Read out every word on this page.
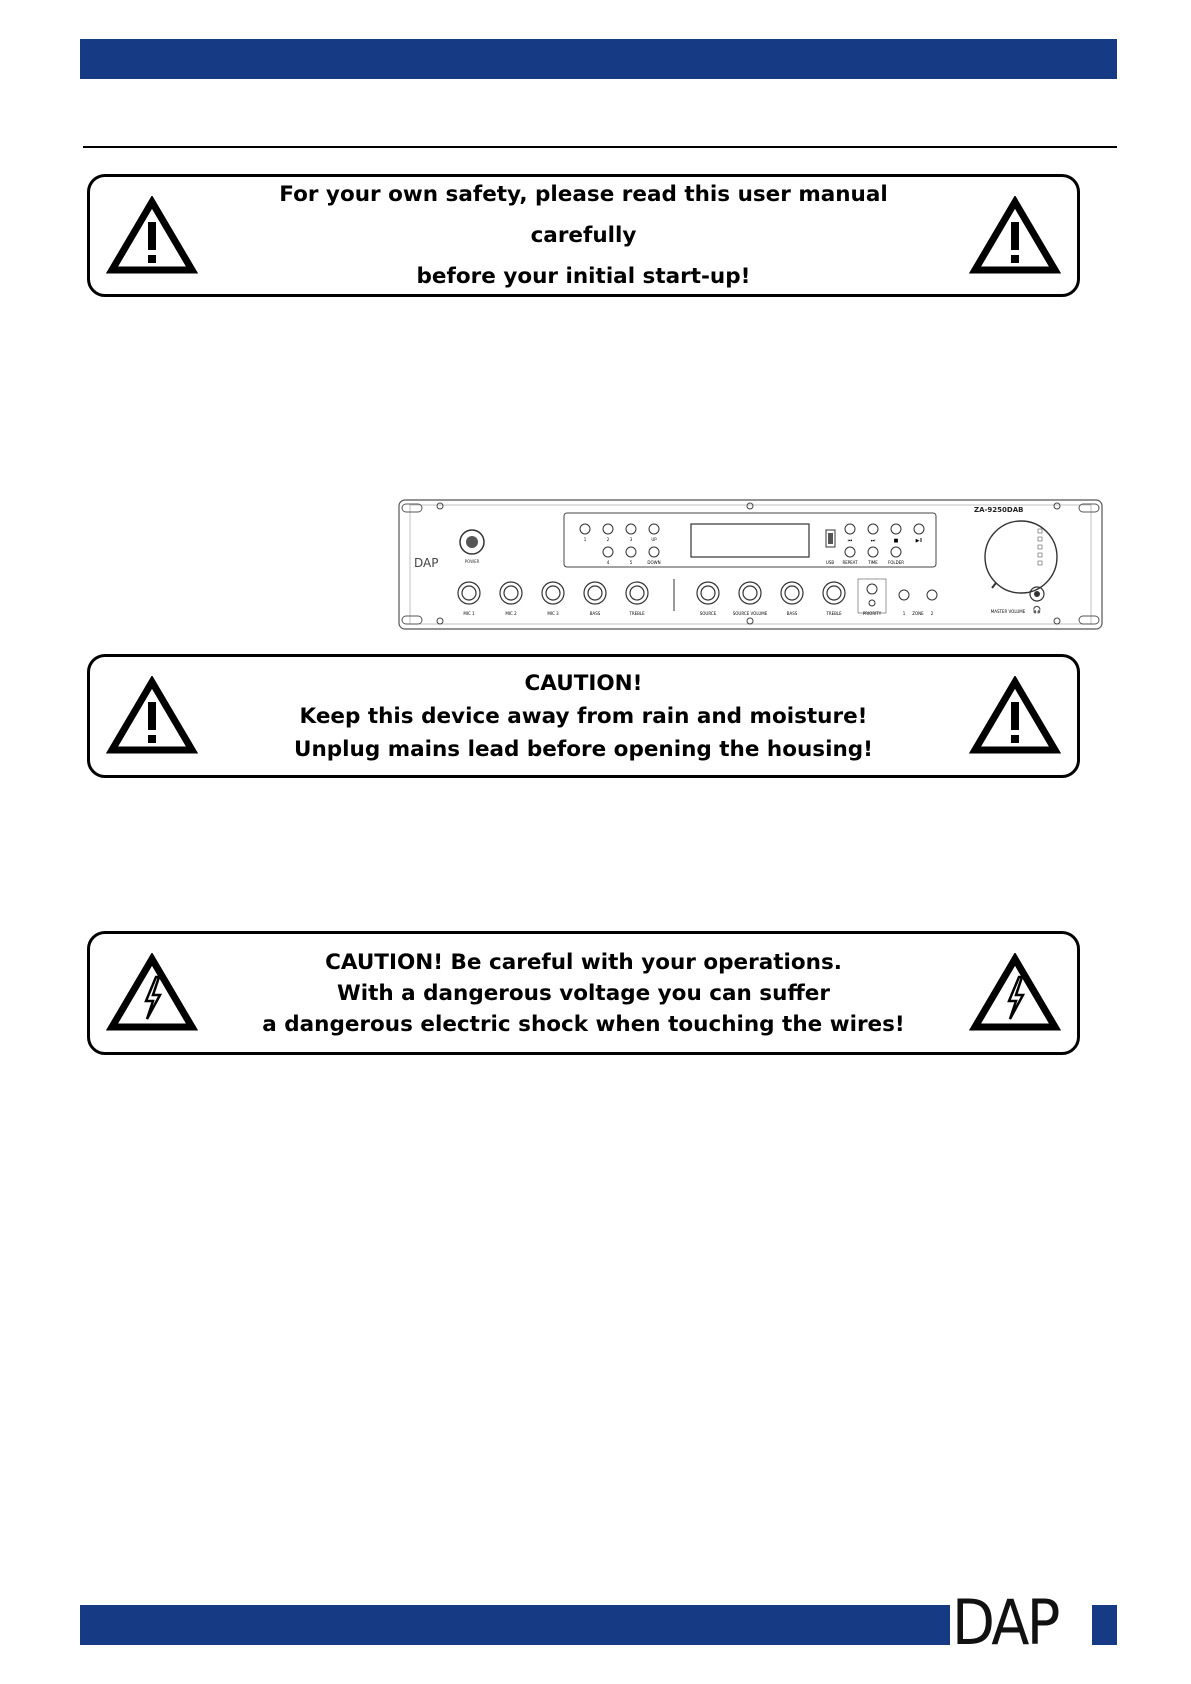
For your own safety, please read this user manual carefully
before your initial start-up!
DAP	POWER
1	2	3	UP
4	5	DOWN	USB
⏮	⏭	■	▶II
REPEAT	TIME	FOLDER
ZA-9250DAB
MASTER VOLUME 🎧
MIC 1	MIC 2	MIC 3	BASS	TREBLE	SOURCE	SOURCE VOLUME	BASS	TREBLE	PRIORITY	1 ZONE 2
CAUTION!
Keep this device away from rain and moisture!
Unplug mains lead before opening the housing!
CAUTION! Be careful with your operations.
With a dangerous voltage you can suffer
a dangerous electric shock when touching the wires!
DAP
